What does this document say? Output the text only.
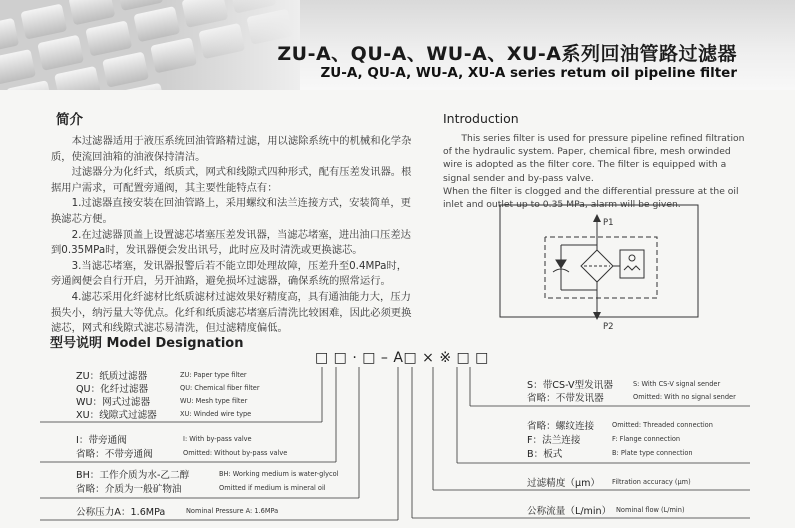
ZU-A、QU-A、WU-A、XU-A系列回油管路过滤器
ZU-A, QU-A, WU-A, XU-A series retum oil pipeline filter
简介

本过滤器适用于液压系统回油管路精过滤，用以滤除系统中的机械和化学杂质，使流回油箱的油液保持清洁。

过滤器分为化纤式，纸质式，网式和线隙式四种形式，配有压差发讯器。根据用户需求，可配置旁通阀，其主要性能特点有：

1.过滤器直接安装在回油管路上，采用螺纹和法兰连接方式，安装简单，更换滤芯方便。

2.在过滤器顶盖上设置滤芯堵塞压差发讯器，当滤芯堵塞，进出油口压差达到0.35MPa时，发讯器便会发出讯号，此时应及时清洗或更换滤芯。

3.当滤芯堵塞，发讯器报警后若不能立即处理故障，压差升至0.4MPa时，旁通阀便会自行开启，另开油路，避免损坏过滤器，确保系统的照常运行。

4.滤芯采用化纤滤材比纸质滤材过滤效果好精度高，具有通油能力大，压力损失小，纳污量大等优点。化纤和纸质滤芯堵塞后清洗比较困难，因此必须更换滤芯，网式和线隙式滤芯易清洗，但过滤精度偏低。

Introduction

This series filter is used for pressure pipeline refined filtration of the hydraulic system. Paper, chemical fibre, mesh orwinded wire is adopted as the filter core. The filter is equipped with a signal sender and by-pass valve.

When the filter is clogged and the differential pressure at the oil inlet and outlet up to 0.35 MPa, alarm will be given.

P1
P2
型号说明 Model Designation
□ □ · □ – A□ × ※ □ □
ZU：纸质过滤器	ZU: Paper type filter
QU：化纤过滤器	QU: Chemical fiber filter
WU：网式过滤器	WU: Mesh type filter
XU：线隙式过滤器	XU: Winded wire type
I：带旁通阀	I: With by-pass valve
省略：不带旁通阀	Omitted: Without by-pass valve
BH：工作介质为水-乙二醇	BH: Working medium is water-glycol
省略：介质为一般矿物油	Omitted if medium is mineral oil
公称压力A：1.6MPa	Nominal Pressure A: 1.6MPa
S：带CS-V型发讯器	S: With CS-V signal sender
省略：不带发讯器	Omitted: With no signal sender
省略：螺纹连接	Omitted: Threaded connection
F：法兰连接	F: Flange connection
B：板式	B: Plate type connection
过滤精度（μm） Filtration accuracy (μm)
公称流量（L/min） Nominal flow (L/min)
